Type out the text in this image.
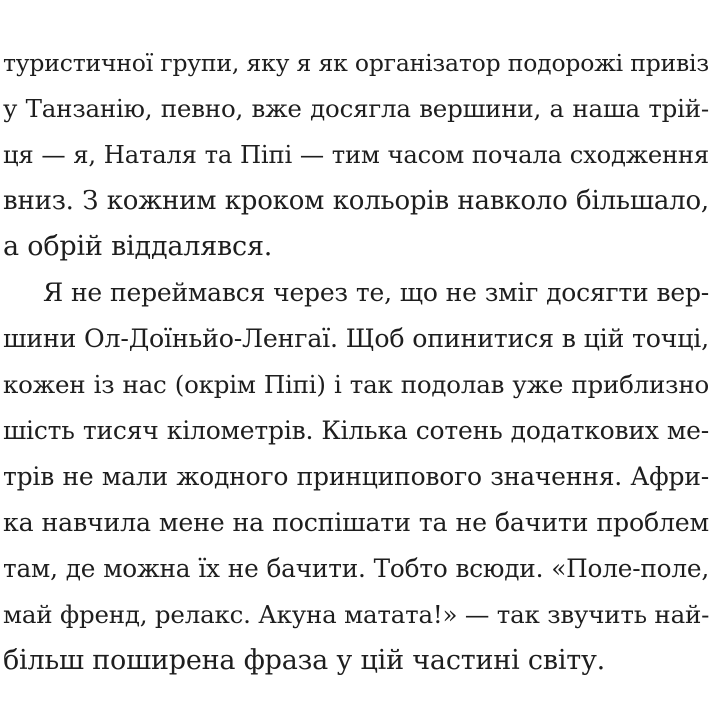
туристичної групи, яку я як організатор подорожі привіз
у Танзанію, певно, вже досягла вершини, а наша трій-
ця — я, Наталя та Піпі — тим часом почала сходження
вниз. З кожним кроком кольорів навколо більшало,
а обрій віддалявся.
Я не переймався через те, що не зміг досягти вер-
шини Ол-Доїньйо-Ленгаї. Щоб опинитися в цій точці,
кожен із нас (окрім Піпі) і так подолав уже приблизно
шість тисяч кілометрів. Кілька сотень додаткових ме-
трів не мали жодного принципового значення. Афри-
ка навчила мене на поспішати та не бачити проблем
там, де можна їх не бачити. Тобто всюди. «Поле-поле,
май френд, релакс. Акуна матата!» — так звучить най-
більш поширена фраза у цій частині світу.
